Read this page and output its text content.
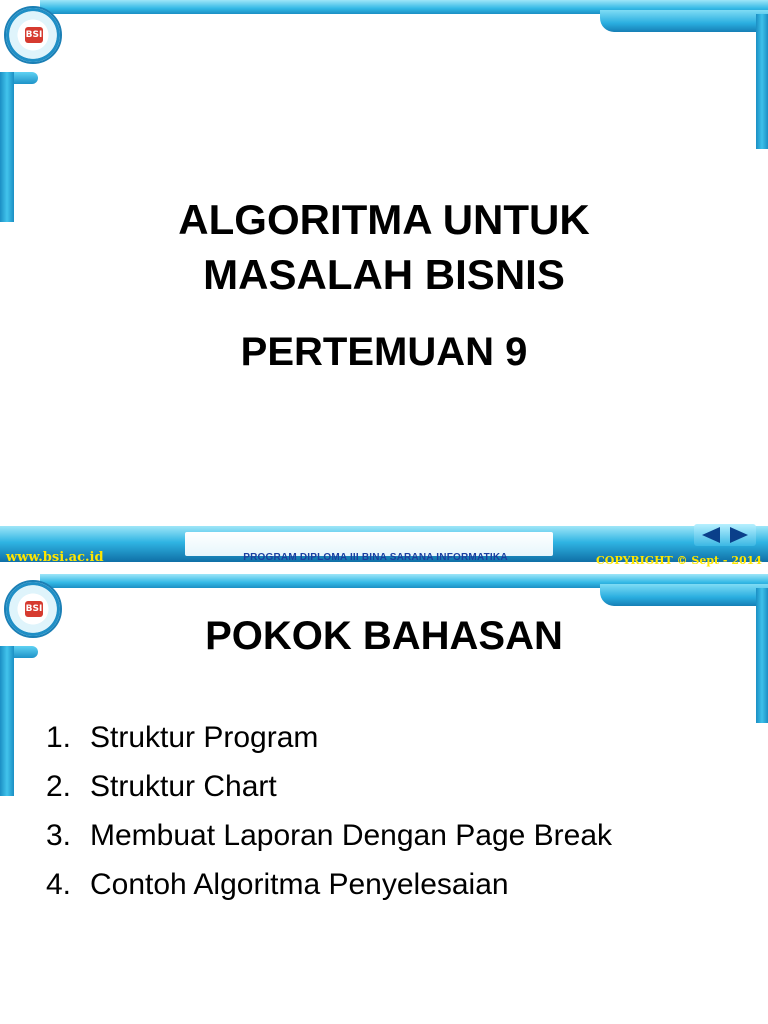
BSI
ALGORITMA UNTUK
MASALAH BISNIS
PERTEMUAN 9
www.bsi.ac.id	PROGRAM DIPLOMA III BINA SARANA INFORMATIKA	COPYRIGHT © Sept - 2014
BSI
POKOK BAHASAN
1. Struktur Program
2. Struktur Chart
3. Membuat Laporan Dengan Page Break
4. Contoh Algoritma Penyelesaian
